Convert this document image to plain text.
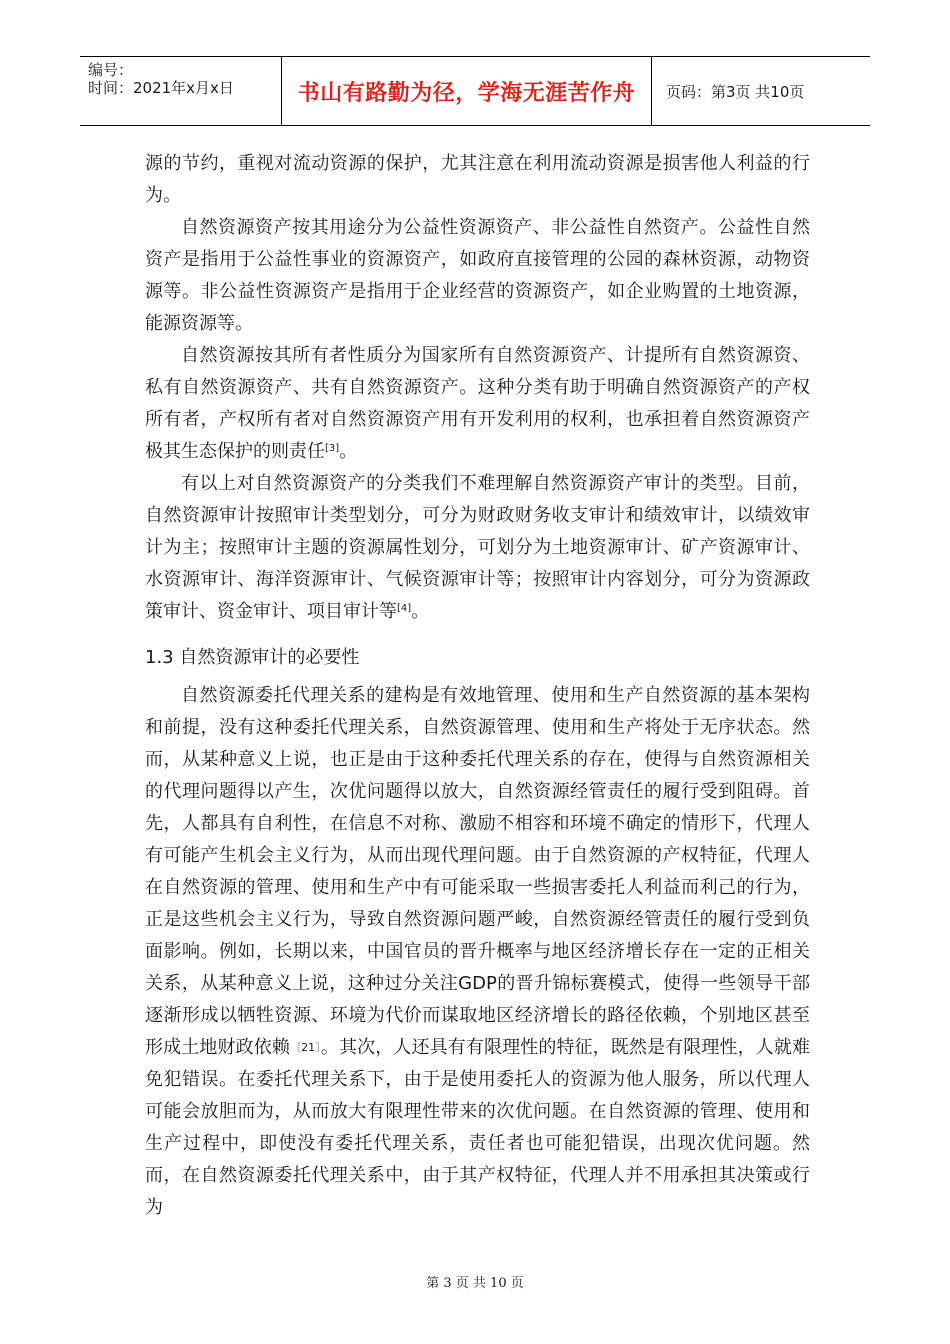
编号：
时间：2021年x月x日	书山有路勤为径，学海无涯苦作舟	页码：第3页 共10页

源的节约，重视对流动资源的保护，尤其注意在利用流动资源是损害他人利益的行为。

自然资源资产按其用途分为公益性资源资产、非公益性自然资产。公益性自然资产是指用于公益性事业的资源资产，如政府直接管理的公园的森林资源，动物资源等。非公益性资源资产是指用于企业经营的资源资产，如企业购置的土地资源，能源资源等。

自然资源按其所有者性质分为国家所有自然资源资产、计提所有自然资源资、私有自然资源资产、共有自然资源资产。这种分类有助于明确自然资源资产的产权所有者，产权所有者对自然资源资产用有开发利用的权利，也承担着自然资源资产极其生态保护的则责任[3]。

有以上对自然资源资产的分类我们不难理解自然资源资产审计的类型。目前，自然资源审计按照审计类型划分，可分为财政财务收支审计和绩效审计，以绩效审计为主；按照审计主题的资源属性划分，可划分为土地资源审计、矿产资源审计、水资源审计、海洋资源审计、气候资源审计等；按照审计内容划分，可分为资源政策审计、资金审计、项目审计等[4]。

1.3 自然资源审计的必要性

自然资源委托代理关系的建构是有效地管理、使用和生产自然资源的基本架构和前提，没有这种委托代理关系，自然资源管理、使用和生产将处于无序状态。然而，从某种意义上说，也正是由于这种委托代理关系的存在，使得与自然资源相关的代理问题得以产生，次优问题得以放大，自然资源经管责任的履行受到阻碍。首先，人都具有自利性，在信息不对称、激励不相容和环境不确定的情形下，代理人有可能产生机会主义行为，从而出现代理问题。由于自然资源的产权特征，代理人在自然资源的管理、使用和生产中有可能采取一些损害委托人利益而利己的行为，正是这些机会主义行为，导致自然资源问题严峻，自然资源经管责任的履行受到负面影响。例如，长期以来，中国官员的晋升概率与地区经济增长存在一定的正相关关系，从某种意义上说，这种过分关注GDP的晋升锦标赛模式，使得一些领导干部逐渐形成以牺牲资源、环境为代价而谋取地区经济增长的路径依赖，个别地区甚至形成土地财政依赖〔21〕。其次，人还具有有限理性的特征，既然是有限理性，人就难免犯错误。在委托代理关系下，由于是使用委托人的资源为他人服务，所以代理人可能会放胆而为，从而放大有限理性带来的次优问题。在自然资源的管理、使用和生产过程中，即使没有委托代理关系，责任者也可能犯错误，出现次优问题。然而，在自然资源委托代理关系中，由于其产权特征，代理人并不用承担其决策或行为

第 3 页 共 10 页
